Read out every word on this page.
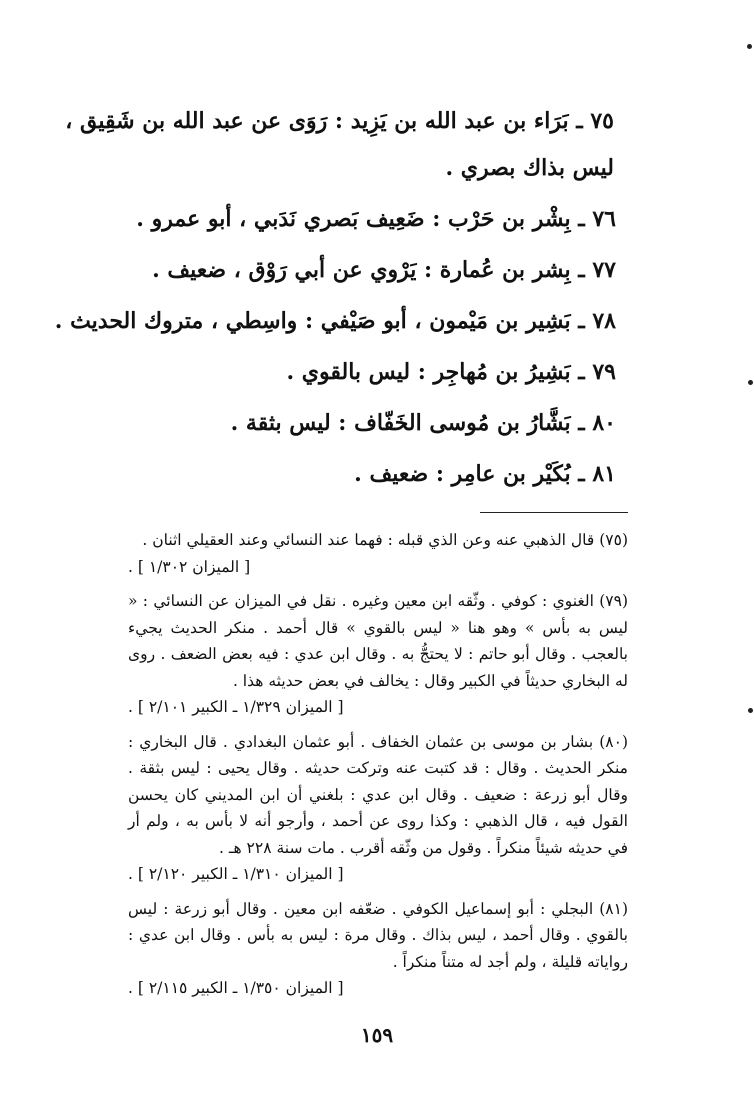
٧٥ ـ بَرَاء بن عبد الله بن يَزِيد : رَوَى عن عبد الله بن شَقِيق ،
ليس بذاك بصري .
٧٦ ـ بِشْر بن حَرْب : ضَعِيف بَصري نَدَبي ، أبو عمرو .
٧٧ ـ بِشر بن عُمارة : يَرْوي عن أبي رَوْق ، ضعيف .
٧٨ ـ بَشِير بن مَيْمون ، أبو صَيْفي : واسِطي ، متروك الحديث .
٧٩ ـ بَشِيرُ بن مُهاجِر : ليس بالقوي .
٨٠ ـ بَشَّارُ بن مُوسى الخَفّاف : ليس بثقة .
٨١ ـ بُكَيْر بن عامِر : ضعيف .

(٧٥) قال الذهبي عنه وعن الذي قبله : فهما عند النسائي وعند العقيلي اثنان .

[ الميزان ١/٣٠٢ ] .

(٧٩) الغنوي : كوفي . وثّقه ابن معين وغيره . نقل في الميزان عن النسائي : « ليس به بأس » وهو هنا « ليس بالقوي » قال أحمد . منكر الحديث يجيء بالعجب . وقال أبو حاتم : لا يحتجُّ به . وقال ابن عدي : فيه بعض الضعف . روى له البخاري حديثاً في الكبير وقال : يخالف في بعض حديثه هذا .

[ الميزان ١/٣٢٩ ـ الكبير ٢/١٠١ ] .

(٨٠) بشار بن موسى بن عثمان الخفاف . أبو عثمان البغدادي . قال البخاري : منكر الحديث . وقال : قد كتبت عنه وتركت حديثه . وقال يحيى : ليس بثقة . وقال أبو زرعة : ضعيف . وقال ابن عدي : بلغني أن ابن المديني كان يحسن القول فيه ، قال الذهبي : وكذا روى عن أحمد ، وأرجو أنه لا بأس به ، ولم أر في حديثه شيئاً منكراً . وقول من وثّقه أقرب . مات سنة ٢٢٨ هـ .

[ الميزان ١/٣١٠ ـ الكبير ٢/١٢٠ ] .

(٨١) البجلي : أبو إسماعيل الكوفي . ضعّفه ابن معين . وقال أبو زرعة : ليس بالقوي . وقال أحمد ، ليس بذاك . وقال مرة : ليس به بأس . وقال ابن عدي : رواياته قليلة ، ولم أجد له متناً منكراً .

[ الميزان ١/٣٥٠ ـ الكبير ٢/١١٥ ] .
١٥٩
